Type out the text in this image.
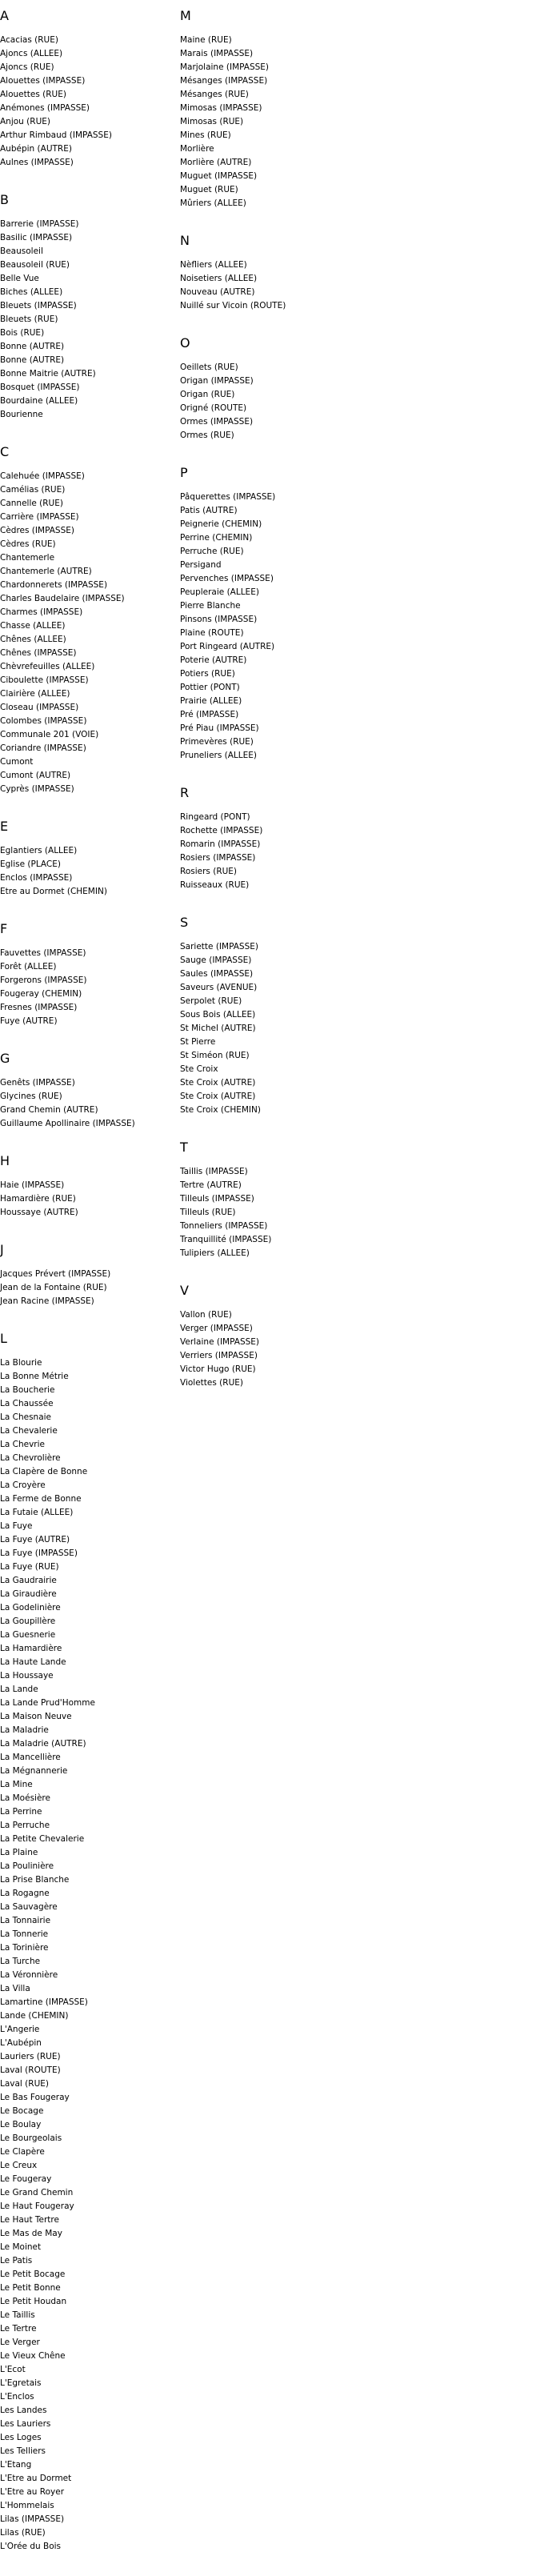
A
Acacias (RUE)
Ajoncs (ALLEE)
Ajoncs (RUE)
Alouettes (IMPASSE)
Alouettes (RUE)
Anémones (IMPASSE)
Anjou (RUE)
Arthur Rimbaud (IMPASSE)
Aubépin (AUTRE)
Aulnes (IMPASSE)
B
Barrerie (IMPASSE)
Basilic (IMPASSE)
Beausoleil
Beausoleil (RUE)
Belle Vue
Biches (ALLEE)
Bleuets (IMPASSE)
Bleuets (RUE)
Bois (RUE)
Bonne (AUTRE)
Bonne (AUTRE)
Bonne Maitrie (AUTRE)
Bosquet (IMPASSE)
Bourdaine (ALLEE)
Bourienne
C
Calehuée (IMPASSE)
Camélias (RUE)
Cannelle (RUE)
Carrière (IMPASSE)
Cèdres (IMPASSE)
Cèdres (RUE)
Chantemerle
Chantemerle (AUTRE)
Chardonnerets (IMPASSE)
Charles Baudelaire (IMPASSE)
Charmes (IMPASSE)
Chasse (ALLEE)
Chênes (ALLEE)
Chênes (IMPASSE)
Chèvrefeuilles (ALLEE)
Ciboulette (IMPASSE)
Clairière (ALLEE)
Closeau (IMPASSE)
Colombes (IMPASSE)
Communale 201 (VOIE)
Coriandre (IMPASSE)
Cumont
Cumont (AUTRE)
Cyprès (IMPASSE)
E
Eglantiers (ALLEE)
Eglise (PLACE)
Enclos (IMPASSE)
Etre au Dormet (CHEMIN)
F
Fauvettes (IMPASSE)
Forêt (ALLEE)
Forgerons (IMPASSE)
Fougeray (CHEMIN)
Fresnes (IMPASSE)
Fuye (AUTRE)
G
Genêts (IMPASSE)
Glycines (RUE)
Grand Chemin (AUTRE)
Guillaume Apollinaire (IMPASSE)
H
Haie (IMPASSE)
Hamardière (RUE)
Houssaye (AUTRE)
J
Jacques Prévert (IMPASSE)
Jean de la Fontaine (RUE)
Jean Racine (IMPASSE)
L
La Blourie
La Bonne Métrie
La Boucherie
La Chaussée
La Chesnaie
La Chevalerie
La Chevrie
La Chevrolière
La Clapère de Bonne
La Croyère
La Ferme de Bonne
La Futaie (ALLEE)
La Fuye
La Fuye (AUTRE)
La Fuye (IMPASSE)
La Fuye (RUE)
La Gaudrairie
La Giraudière
La Godelinière
La Goupillère
La Guesnerie
La Hamardière
La Haute Lande
La Houssaye
La Lande
La Lande Prud'Homme
La Maison Neuve
La Maladrie
La Maladrie (AUTRE)
La Mancellière
La Mégnannerie
La Mine
La Moésière
La Perrine
La Perruche
La Petite Chevalerie
La Plaine
La Poulinière
La Prise Blanche
La Rogagne
La Sauvagère
La Tonnairie
La Tonnerie
La Torinière
La Turche
La Véronnière
La Villa
Lamartine (IMPASSE)
Lande (CHEMIN)
L'Angerie
L'Aubépin
Lauriers (RUE)
Laval (ROUTE)
Laval (RUE)
Le Bas Fougeray
Le Bocage
Le Boulay
Le Bourgeolais
Le Clapère
Le Creux
Le Fougeray
Le Grand Chemin
Le Haut Fougeray
Le Haut Tertre
Le Mas de May
Le Moinet
Le Patis
Le Petit Bocage
Le Petit Bonne
Le Petit Houdan
Le Taillis
Le Tertre
Le Verger
Le Vieux Chêne
L'Ecot
L'Egretais
L'Enclos
Les Landes
Les Lauriers
Les Loges
Les Telliers
L'Etang
L'Etre au Dormet
L'Etre au Royer
L'Hommelais
Lilas (IMPASSE)
Lilas (RUE)
L'Orée du Bois
M
Maine (RUE)
Marais (IMPASSE)
Marjolaine (IMPASSE)
Mésanges (IMPASSE)
Mésanges (RUE)
Mimosas (IMPASSE)
Mimosas (RUE)
Mines (RUE)
Morlière
Morlière (AUTRE)
Muguet (IMPASSE)
Muguet (RUE)
Mûriers (ALLEE)
N
Nèfliers (ALLEE)
Noisetiers (ALLEE)
Nouveau (AUTRE)
Nuillé sur Vicoin (ROUTE)
O
Oeillets (RUE)
Origan (IMPASSE)
Origan (RUE)
Origné (ROUTE)
Ormes (IMPASSE)
Ormes (RUE)
P
Pâquerettes (IMPASSE)
Patis (AUTRE)
Peignerie (CHEMIN)
Perrine (CHEMIN)
Perruche (RUE)
Persigand
Pervenches (IMPASSE)
Peupleraie (ALLEE)
Pierre Blanche
Pinsons (IMPASSE)
Plaine (ROUTE)
Port Ringeard (AUTRE)
Poterie (AUTRE)
Potiers (RUE)
Pottier (PONT)
Prairie (ALLEE)
Pré (IMPASSE)
Pré Piau (IMPASSE)
Primevères (RUE)
Pruneliers (ALLEE)
R
Ringeard (PONT)
Rochette (IMPASSE)
Romarin (IMPASSE)
Rosiers (IMPASSE)
Rosiers (RUE)
Ruisseaux (RUE)
S
Sariette (IMPASSE)
Sauge (IMPASSE)
Saules (IMPASSE)
Saveurs (AVENUE)
Serpolet (RUE)
Sous Bois (ALLEE)
St Michel (AUTRE)
St Pierre
St Siméon (RUE)
Ste Croix
Ste Croix (AUTRE)
Ste Croix (AUTRE)
Ste Croix (CHEMIN)
T
Taillis (IMPASSE)
Tertre (AUTRE)
Tilleuls (IMPASSE)
Tilleuls (RUE)
Tonneliers (IMPASSE)
Tranquillité (IMPASSE)
Tulipiers (ALLEE)
V
Vallon (RUE)
Verger (IMPASSE)
Verlaine (IMPASSE)
Verriers (IMPASSE)
Victor Hugo (RUE)
Violettes (RUE)
